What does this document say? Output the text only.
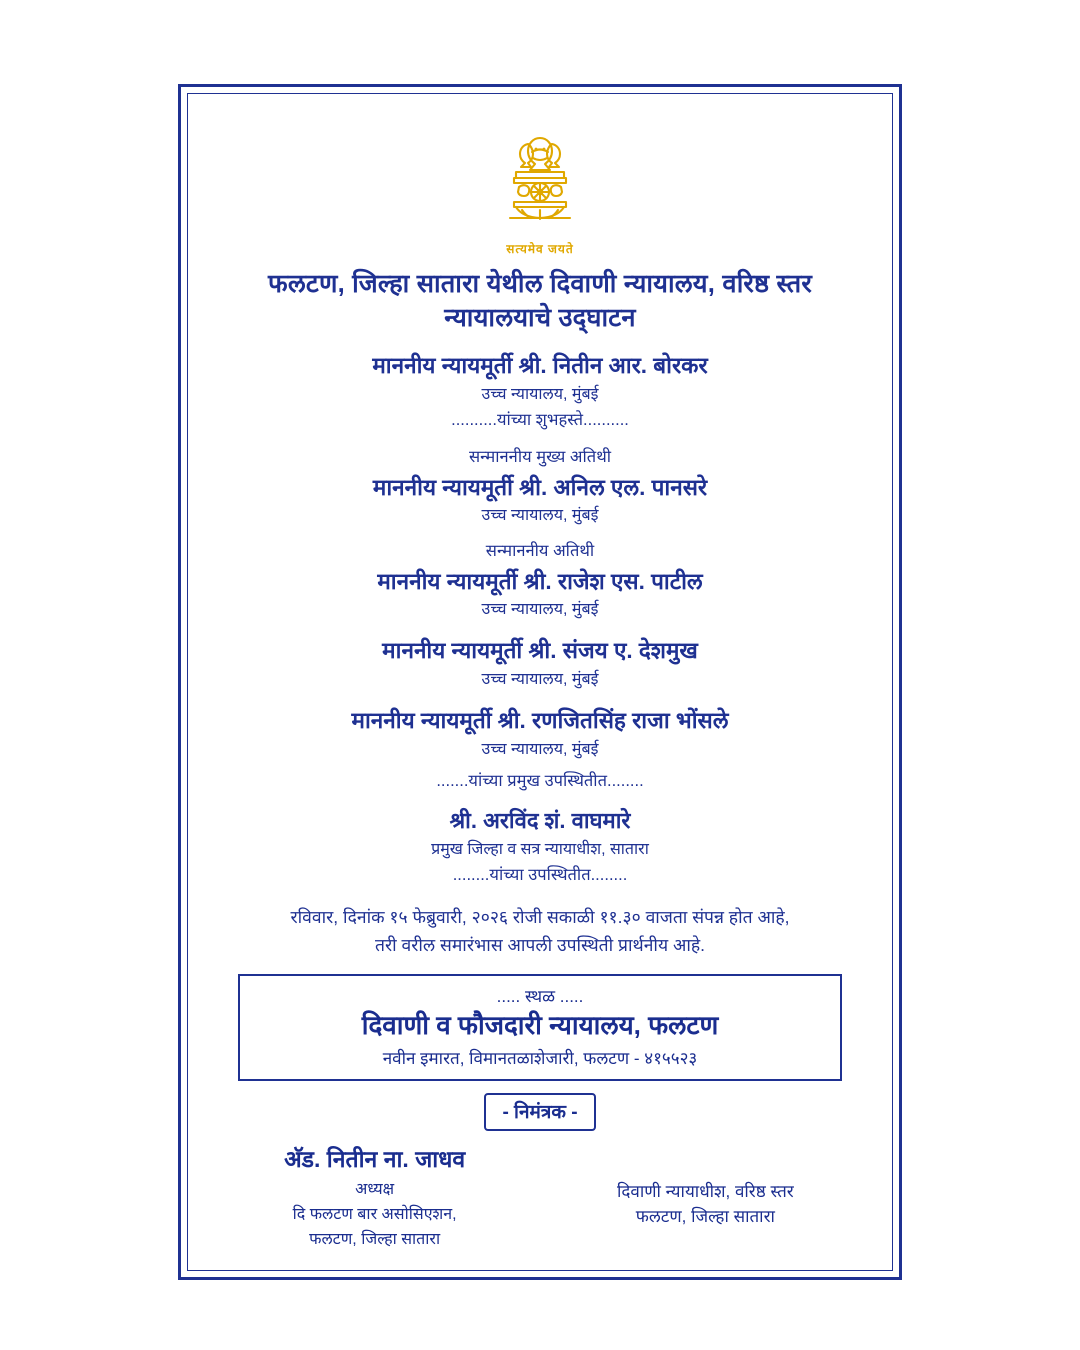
सत्यमेव जयते
फलटण, जिल्हा सातारा येथील दिवाणी न्यायालय, वरिष्ठ स्तर न्यायालयाचे उद्‌घाटन
माननीय न्यायमूर्ती श्री. नितीन आर. बोरकर
उच्च न्यायालय, मुंबई
..........यांच्या शुभहस्ते..........
सन्माननीय मुख्य अतिथी
माननीय न्यायमूर्ती श्री. अनिल एल. पानसरे
उच्च न्यायालय, मुंबई
सन्माननीय अतिथी
माननीय न्यायमूर्ती श्री. राजेश एस. पाटील
उच्च न्यायालय, मुंबई
माननीय न्यायमूर्ती श्री. संजय ए. देशमुख
उच्च न्यायालय, मुंबई
माननीय न्यायमूर्ती श्री. रणजितसिंह राजा भोंसले
उच्च न्यायालय, मुंबई
.......यांच्या प्रमुख उपस्थितीत........
श्री. अरविंद शं. वाघमारे
प्रमुख जिल्हा व सत्र न्यायाधीश, सातारा
........यांच्या उपस्थितीत........
रविवार, दिनांक १५ फेब्रुवारी, २०२६ रोजी सकाळी ११.३० वाजता संपन्न होत आहे,
तरी वरील समारंभास आपली उपस्थिती प्रार्थनीय आहे.
..... स्थळ .....
दिवाणी व फौजदारी न्यायालय, फलटण
नवीन इमारत, विमानतळाशेजारी, फलटण - ४१५५२३
- निमंत्रक -
अ‍ॅड. नितीन ना. जाधव
अध्यक्ष
दि फलटण बार असोसिएशन,
फलटण, जिल्हा सातारा
दिवाणी न्यायाधीश, वरिष्ठ स्तर
फलटण, जिल्हा सातारा
